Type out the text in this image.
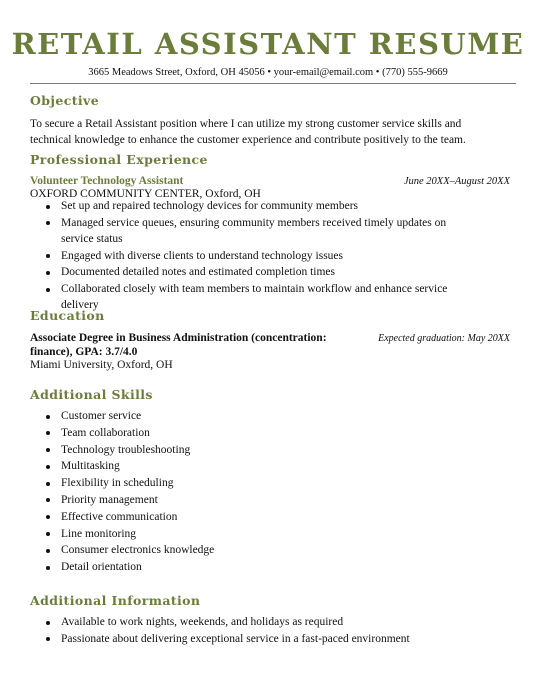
RETAIL ASSISTANT RESUME
3665 Meadows Street, Oxford, OH 45056 • your-email@email.com • (770) 555-9669
Objective
To secure a Retail Assistant position where I can utilize my strong customer service skills and technical knowledge to enhance the customer experience and contribute positively to the team.
Professional Experience
Volunteer Technology Assistant	June 20XX–August 20XX
OXFORD COMMUNITY CENTER, Oxford, OH
Set up and repaired technology devices for community members
Managed service queues, ensuring community members received timely updates on service status
Engaged with diverse clients to understand technology issues
Documented detailed notes and estimated completion times
Collaborated closely with team members to maintain workflow and enhance service delivery
Education
Associate Degree in Business Administration (concentration: finance), GPA: 3.7/4.0
Expected graduation: May 20XX
Miami University, Oxford, OH
Additional Skills
Customer service
Team collaboration
Technology troubleshooting
Multitasking
Flexibility in scheduling
Priority management
Effective communication
Line monitoring
Consumer electronics knowledge
Detail orientation
Additional Information
Available to work nights, weekends, and holidays as required
Passionate about delivering exceptional service in a fast-paced environment
